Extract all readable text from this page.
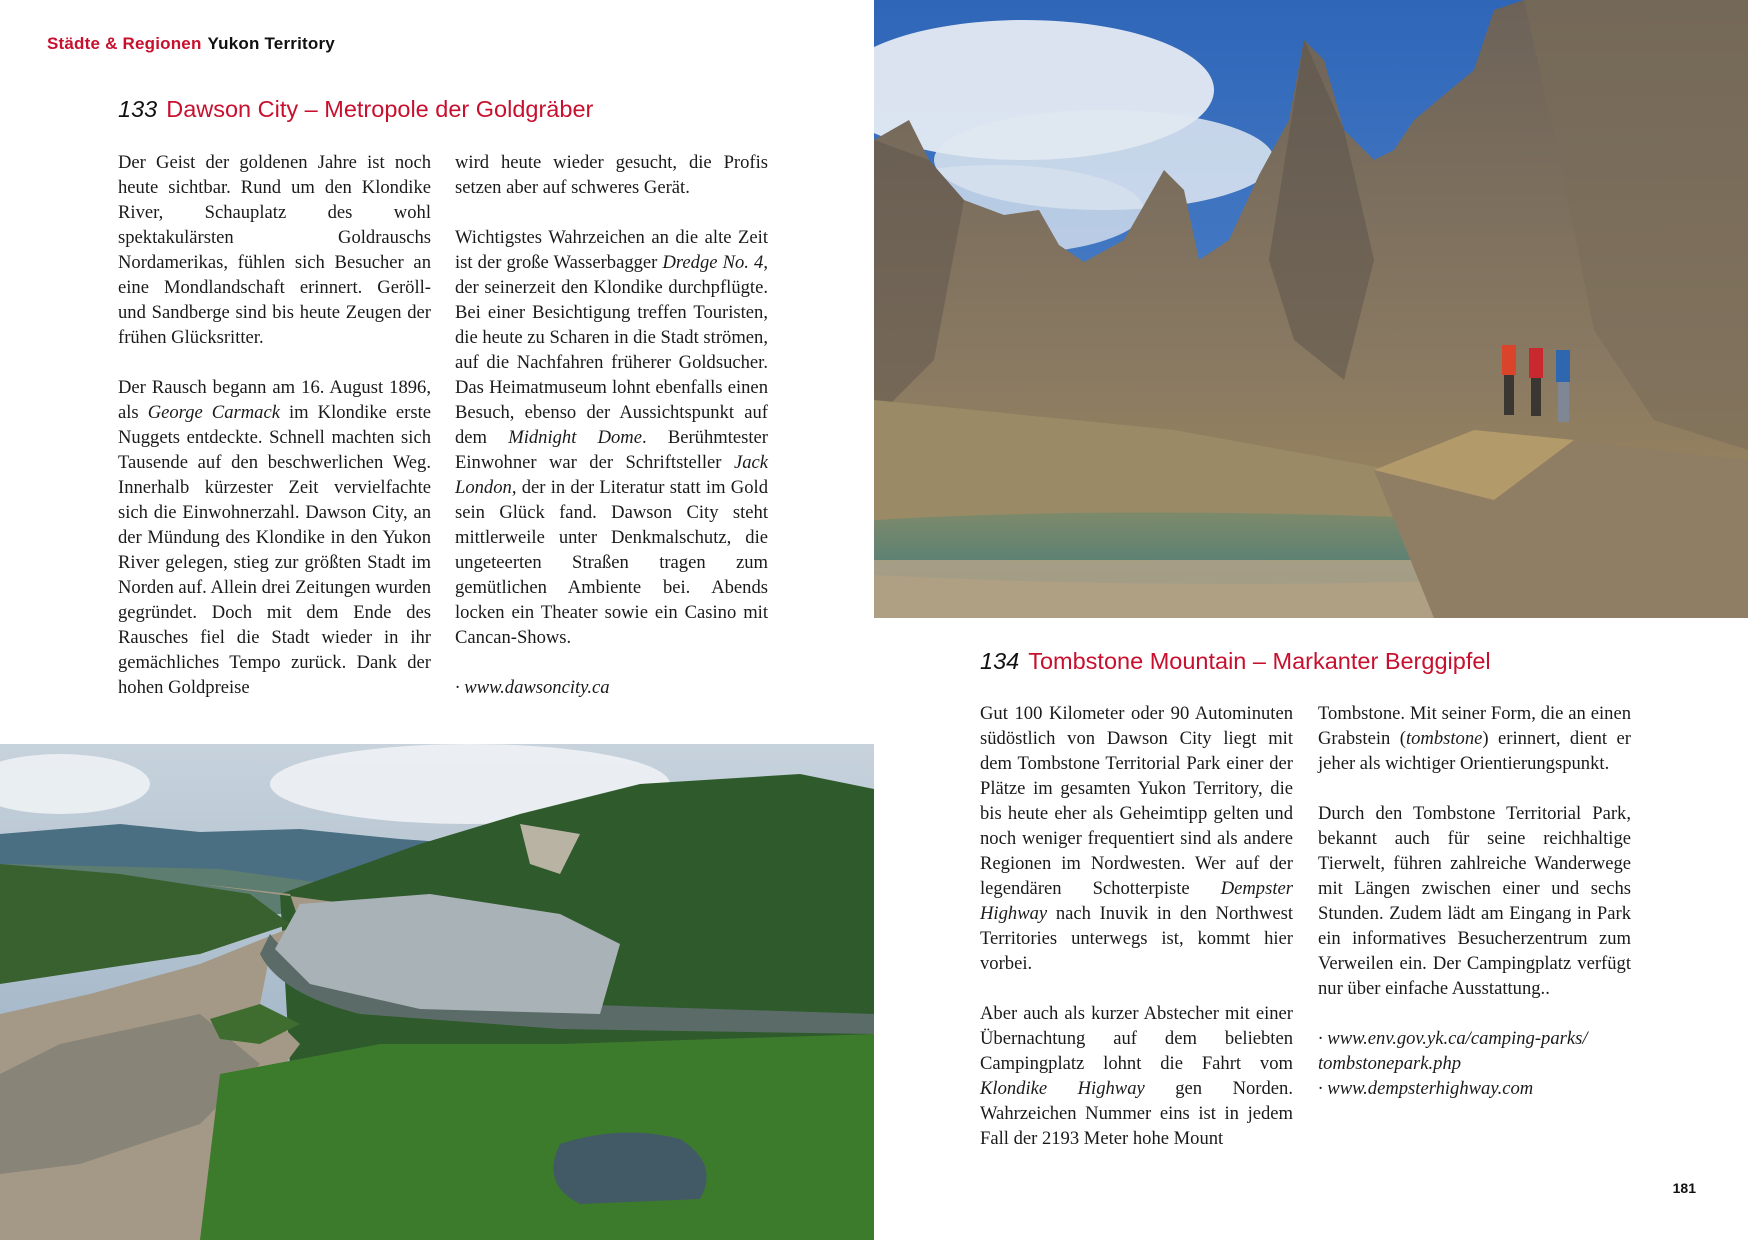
Städte & Regionen Yukon Territory
133 Dawson City – Metropole der Goldgräber

Der Geist der goldenen Jahre ist noch heute sichtbar. Rund um den Klondike River, Schauplatz des wohl spektakulärsten Goldrauschs Nordamerikas, fühlen sich Besucher an eine Mondlandschaft erinnert. Geröll- und Sandberge sind bis heute Zeugen der frühen Glücksritter.

Der Rausch begann am 16. August 1896, als George Carmack im Klondike erste Nuggets entdeckte. Schnell machten sich Tausende auf den beschwerlichen Weg. Innerhalb kürzester Zeit vervielfachte sich die Einwohnerzahl. Dawson City, an der Mündung des Klondike in den Yukon River gelegen, stieg zur größten Stadt im Norden auf. Allein drei Zeitungen wurden gegründet. Doch mit dem Ende des Rausches fiel die Stadt wieder in ihr gemächliches Tempo zurück. Dank der hohen Goldpreise

wird heute wieder gesucht, die Profis setzen aber auf schweres Gerät.

Wichtigstes Wahrzeichen an die alte Zeit ist der große Wasserbagger Dredge No. 4, der seinerzeit den Klondike durchpflügte. Bei einer Besichtigung treffen Touristen, die heute zu Scharen in die Stadt strömen, auf die Nachfahren früherer Goldsucher. Das Heimatmuseum lohnt ebenfalls einen Besuch, ebenso der Aussichtspunkt auf dem Midnight Dome. Berühmtester Einwohner war der Schriftsteller Jack London, der in der Literatur statt im Gold sein Glück fand. Dawson City steht mittlerweile unter Denkmalschutz, die ungeteerten Straßen tragen zum gemütlichen Ambiente bei. Abends locken ein Theater sowie ein Casino mit Cancan-Shows.

· www.dawsoncity.ca
134 Tombstone Mountain – Markanter Berggipfel

Gut 100 Kilometer oder 90 Autominuten südöstlich von Dawson City liegt mit dem Tombstone Territorial Park einer der Plätze im gesamten Yukon Territory, die bis heute eher als Geheimtipp gelten und noch weniger frequentiert sind als andere Regionen im Nordwesten. Wer auf der legendären Schotterpiste Dempster Highway nach Inuvik in den Northwest Territories unterwegs ist, kommt hier vorbei.

Aber auch als kurzer Abstecher mit einer Übernachtung auf dem beliebten Campingplatz lohnt die Fahrt vom Klondike Highway gen Norden. Wahrzeichen Nummer eins ist in jedem Fall der 2193 Meter hohe Mount

Tombstone. Mit seiner Form, die an einen Grabstein (tombstone) erinnert, dient er jeher als wichtiger Orientierungspunkt.

Durch den Tombstone Territorial Park, bekannt auch für seine reichhaltige Tierwelt, führen zahlreiche Wanderwege mit Längen zwischen einer und sechs Stunden. Zudem lädt am Eingang in Park ein informatives Besucherzentrum zum Verweilen ein. Der Campingplatz verfügt nur über einfache Ausstattung..

· www.env.gov.yk.ca/camping-parks/ tombstonepark.php
· www.dempsterhighway.com
181
